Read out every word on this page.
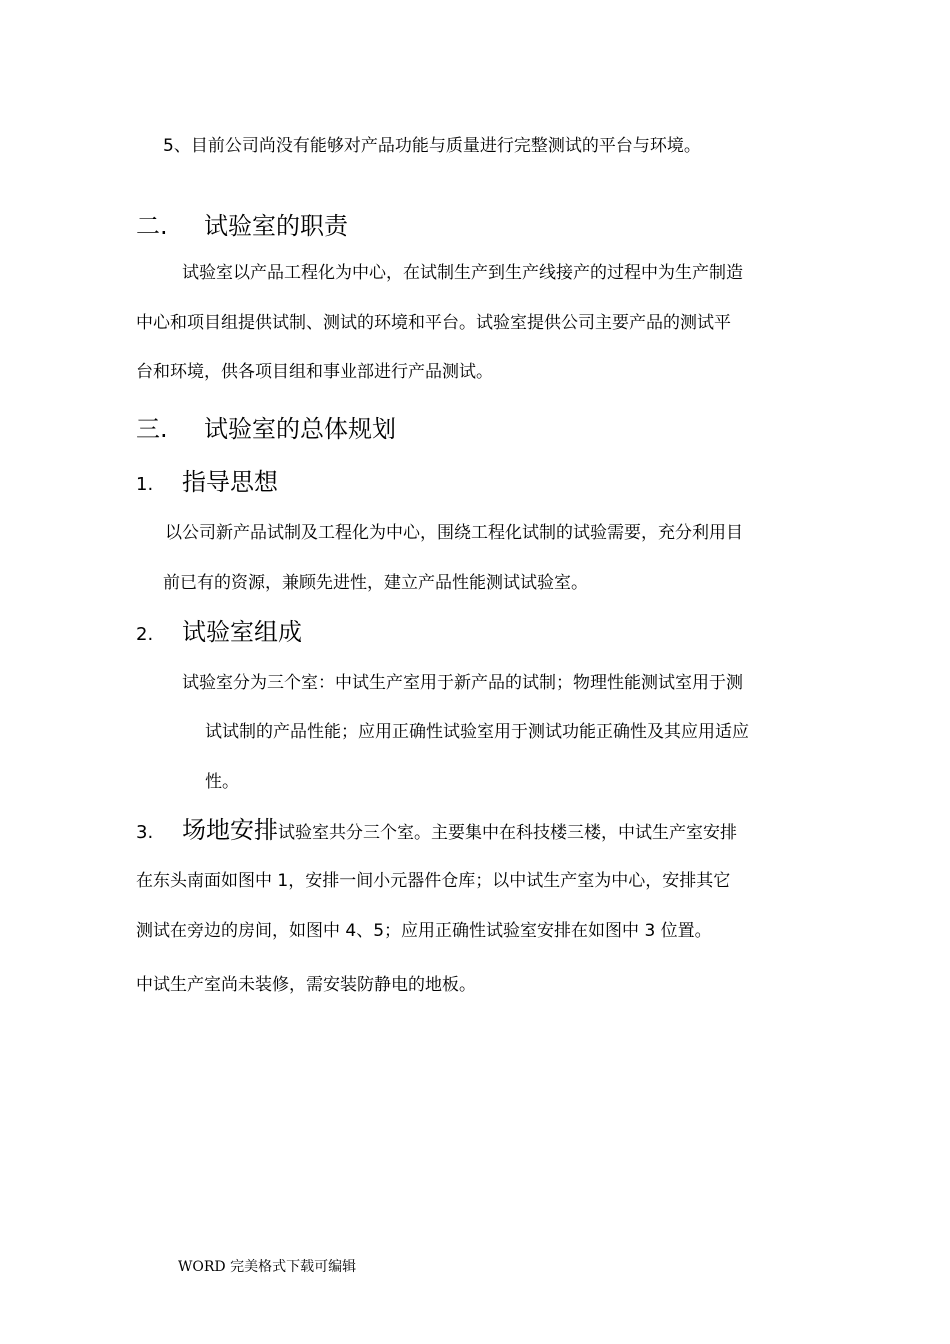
5、目前公司尚没有能够对产品功能与质量进行完整测试的平台与环境。

二. 试验室的职责

试验室以产品工程化为中心，在试制生产到生产线接产的过程中为生产制造

中心和项目组提供试制、测试的环境和平台。试验室提供公司主要产品的测试平

台和环境，供各项目组和事业部进行产品测试。

三. 试验室的总体规划
1. 指导思想

以公司新产品试制及工程化为中心，围绕工程化试制的试验需要，充分利用目

前已有的资源，兼顾先进性，建立产品性能测试试验室。

2. 试验室组成

试验室分为三个室：中试生产室用于新产品的试制；物理性能测试室用于测

试试制的产品性能；应用正确性试验室用于测试功能正确性及其应用适应

性。

3. 场地安排试验室共分三个室。主要集中在科技楼三楼，中试生产室安排

在东头南面如图中 1，安排一间小元器件仓库；以中试生产室为中心，安排其它

测试在旁边的房间，如图中 4、5；应用正确性试验室安排在如图中 3 位置。

中试生产室尚未装修，需安装防静电的地板。

WORD 完美格式下载可编辑
